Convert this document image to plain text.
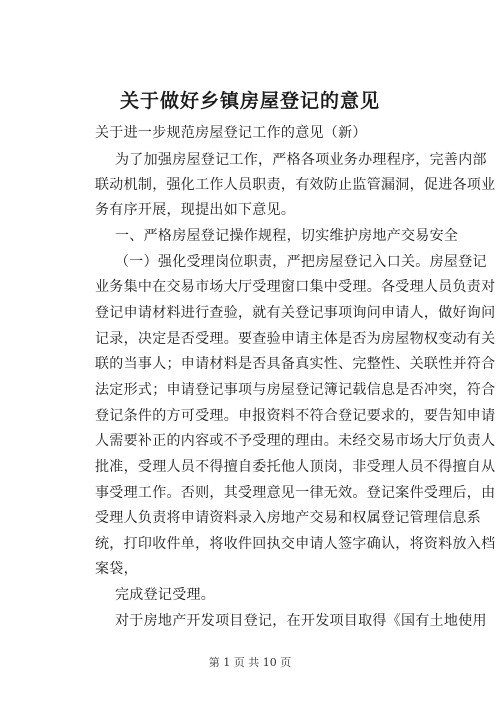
关于做好乡镇房屋登记的意见
关于进一步规范房屋登记工作的意见（新）
为了加强房屋登记工作，严格各项业务办理程序，完善内部
联动机制，强化工作人员职责，有效防止监管漏洞，促进各项业
务有序开展，现提出如下意见。
一、严格房屋登记操作规程，切实维护房地产交易安全
（一）强化受理岗位职责，严把房屋登记入口关。房屋登记
业务集中在交易市场大厅受理窗口集中受理。各受理人员负责对
登记申请材料进行查验，就有关登记事项询问申请人，做好询问
记录，决定是否受理。要查验申请主体是否为房屋物权变动有关
联的当事人；申请材料是否具备真实性、完整性、关联性并符合
法定形式；申请登记事项与房屋登记簿记载信息是否冲突，符合
登记条件的方可受理。申报资料不符合登记要求的，要告知申请
人需要补正的内容或不予受理的理由。未经交易市场大厅负责人
批准，受理人员不得擅自委托他人顶岗，非受理人员不得擅自从
事受理工作。否则，其受理意见一律无效。登记案件受理后，由
受理人负责将申请资料录入房地产交易和权属登记管理信息系
统，打印收件单，将收件回执交申请人签字确认，将资料放入档
案袋，
完成登记受理。
对于房地产开发项目登记，在开发项目取得《国有土地使用
第 1 页 共 10 页
